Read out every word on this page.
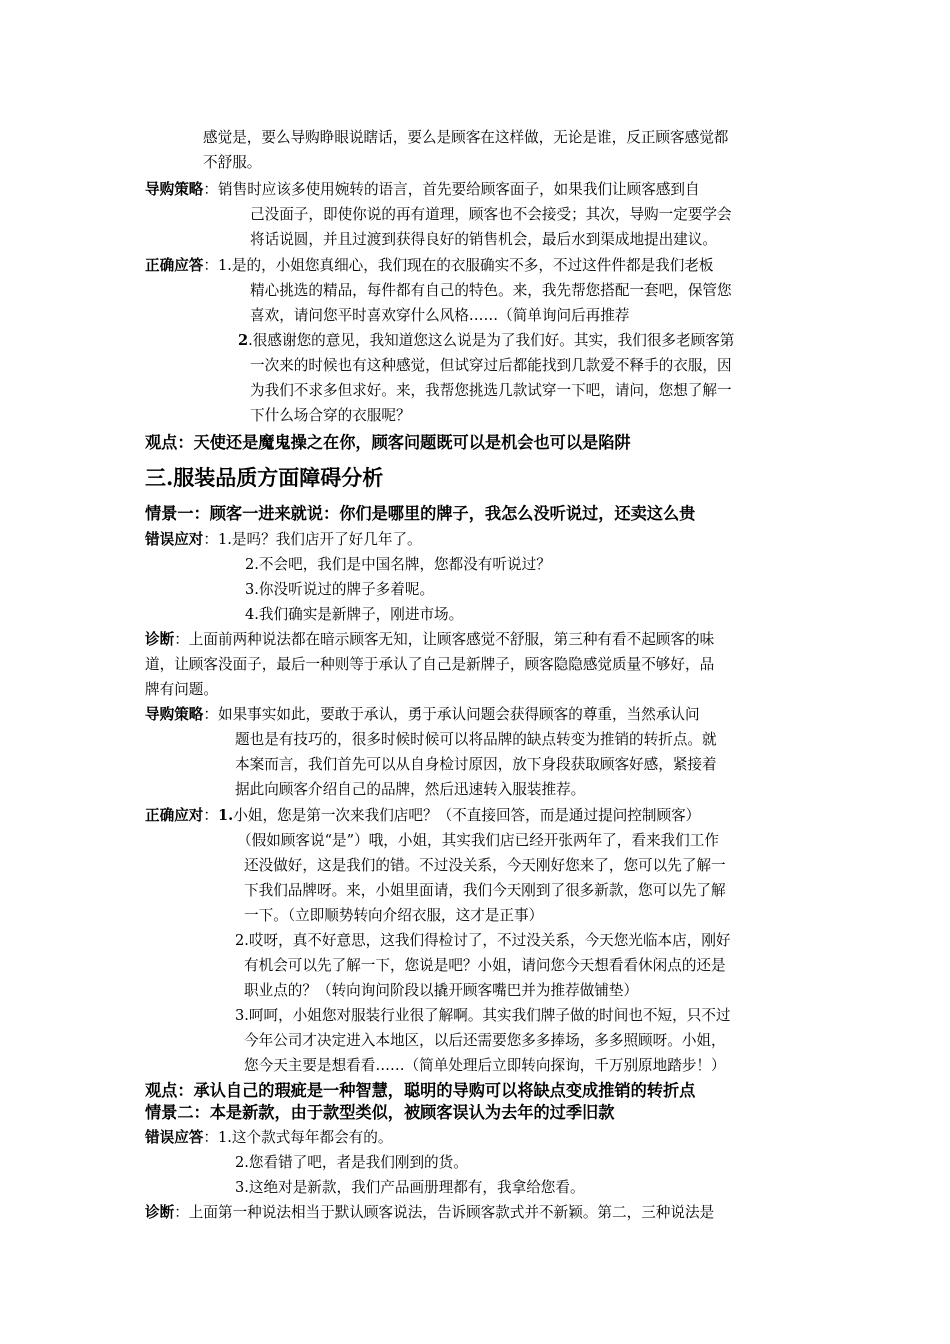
感觉是，要么导购睁眼说瞎话，要么是顾客在这样做，无论是谁，反正顾客感觉都
不舒服。
导购策略：销售时应该多使用婉转的语言，首先要给顾客面子，如果我们让顾客感到自
己没面子，即使你说的再有道理，顾客也不会接受；其次，导购一定要学会
将话说圆，并且过渡到获得良好的销售机会，最后水到渠成地提出建议。
正确应答：1.是的，小姐您真细心，我们现在的衣服确实不多，不过这件件都是我们老板
精心挑选的精品，每件都有自己的特色。来，我先帮您搭配一套吧，保管您
喜欢，请问您平时喜欢穿什么风格……（简单询问后再推荐
2.很感谢您的意见，我知道您这么说是为了我们好。其实，我们很多老顾客第
一次来的时候也有这种感觉，但试穿过后都能找到几款爱不释手的衣服，因
为我们不求多但求好。来，我帮您挑选几款试穿一下吧，请问，您想了解一
下什么场合穿的衣服呢？
观点：天使还是魔鬼操之在你，顾客问题既可以是机会也可以是陷阱
三.服装品质方面障碍分析
情景一：顾客一进来就说：你们是哪里的牌子，我怎么没听说过，还卖这么贵
错误应对：1.是吗？我们店开了好几年了。
2.不会吧，我们是中国名牌，您都没有听说过？
3.你没听说过的牌子多着呢。
4.我们确实是新牌子，刚进市场。
诊断：上面前两种说法都在暗示顾客无知，让顾客感觉不舒服，第三种有看不起顾客的味
道，让顾客没面子，最后一种则等于承认了自己是新牌子，顾客隐隐感觉质量不够好，品
牌有问题。
导购策略：如果事实如此，要敢于承认，勇于承认问题会获得顾客的尊重，当然承认问
题也是有技巧的，很多时候时候可以将品牌的缺点转变为推销的转折点。就
本案而言，我们首先可以从自身检讨原因，放下身段获取顾客好感，紧接着
据此向顾客介绍自己的品牌，然后迅速转入服装推荐。
正确应对：1.小姐，您是第一次来我们店吧？（不直接回答，而是通过提问控制顾客）
（假如顾客说“是”）哦，小姐，其实我们店已经开张两年了，看来我们工作
还没做好，这是我们的错。不过没关系，今天刚好您来了，您可以先了解一
下我们品牌呀。来，小姐里面请，我们今天刚到了很多新款，您可以先了解
一下。（立即顺势转向介绍衣服，这才是正事）
2.哎呀，真不好意思，这我们得检讨了，不过没关系，今天您光临本店，刚好
有机会可以先了解一下，您说是吧？小姐，请问您今天想看看休闲点的还是
职业点的？（转向询问阶段以撬开顾客嘴巴并为推荐做铺垫）
3.呵呵，小姐您对服装行业很了解啊。其实我们牌子做的时间也不短，只不过
今年公司才决定进入本地区，以后还需要您多多捧场，多多照顾呀。小姐，
您今天主要是想看看……（简单处理后立即转向探询，千万别原地踏步！）
观点：承认自己的瑕疵是一种智慧，聪明的导购可以将缺点变成推销的转折点
情景二：本是新款，由于款型类似，被顾客误认为去年的过季旧款
错误应答：1.这个款式每年都会有的。
2.您看错了吧，者是我们刚到的货。
3.这绝对是新款，我们产品画册理都有，我拿给您看。
诊断：上面第一种说法相当于默认顾客说法，告诉顾客款式并不新颖。第二，三种说法是
